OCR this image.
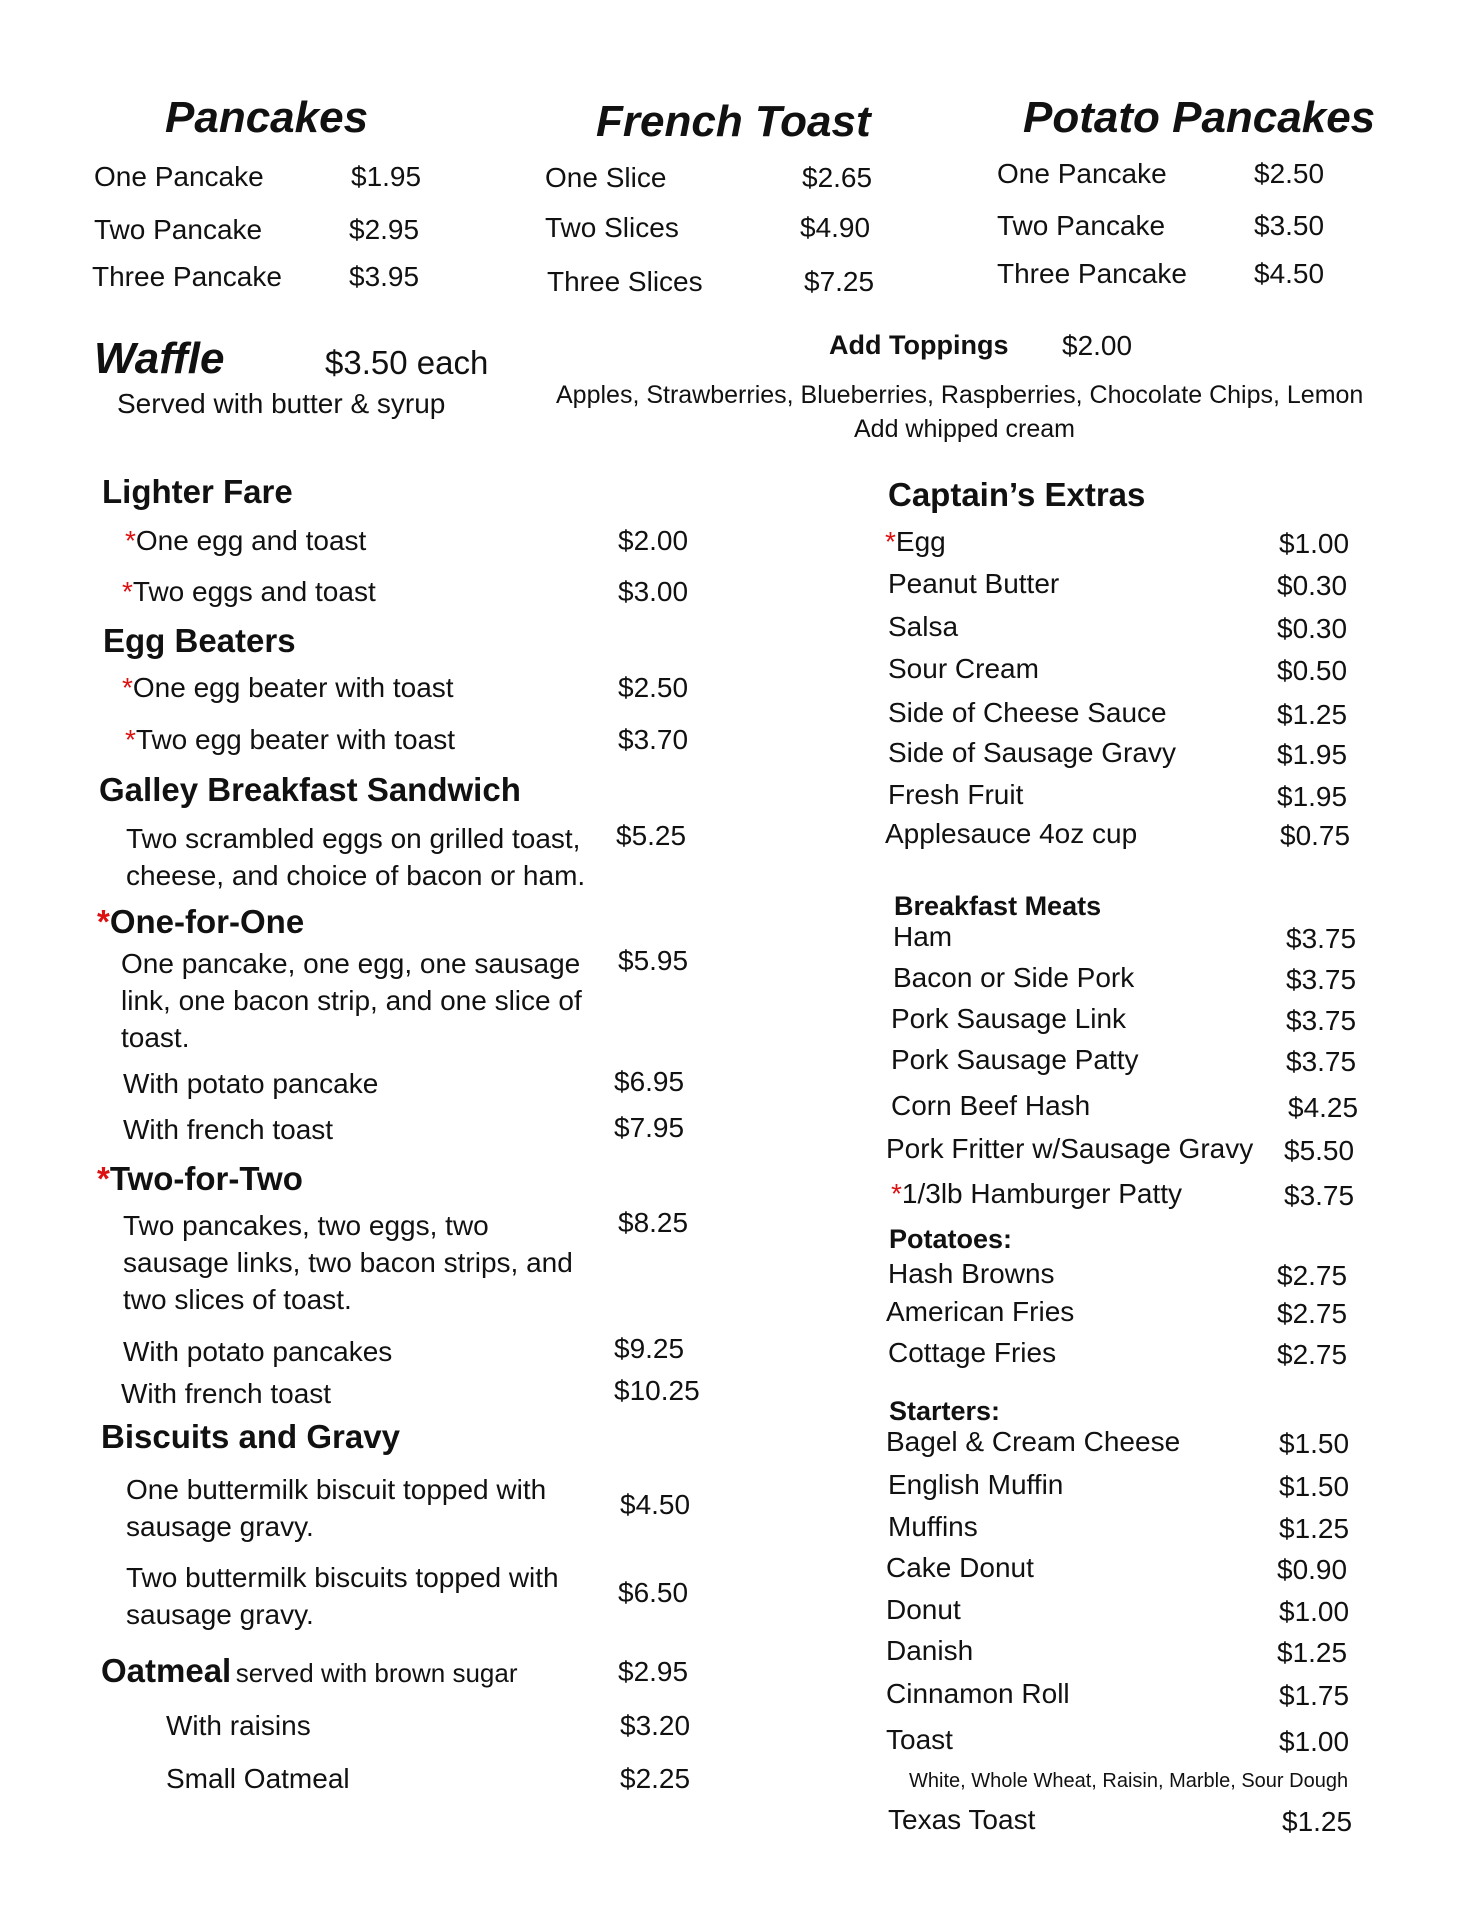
Pancakes
One Pancake	$1.95
Two Pancake	$2.95
Three Pancake $3.95
French Toast
One Slice	$2.65
Two Slices	$4.90
Three Slices	$7.25
Potato Pancakes
One Pancake	$2.50
Two Pancake	$3.50
Three Pancake $4.50
Waffle	$3.50 each
Served with butter & syrup
Add Toppings $2.00
Apples, Strawberries, Blueberries, Raspberries, Chocolate Chips, Lemon
Add whipped cream
Lighter Fare
*One egg and toast	$2.00
*Two eggs and toast	$3.00
Egg Beaters
*One egg beater with toast	$2.50
*Two egg beater with toast	$3.70
Galley Breakfast Sandwich
Two scrambled eggs on grilled toast, cheese, and choice of bacon or ham.
$5.25
*One-for-One
One pancake, one egg, one sausage link, one bacon strip, and one slice of toast.
$5.95
With potato pancake	$6.95
With french toast	$7.95
*Two-for-Two
Two pancakes, two eggs, two sausage links, two bacon strips, and two slices of toast.
$8.25
With potato pancakes	$9.25
With french toast	$10.25
Biscuits and Gravy
One buttermilk biscuit topped with sausage gravy.
$4.50
Two buttermilk biscuits topped with sausage gravy.
$6.50
Oatmeal served with brown sugar	$2.95
With raisins	$3.20
Small Oatmeal	$2.25
Captain’s Extras
*Egg	$1.00
Peanut Butter	$0.30
Salsa	$0.30
Sour Cream	$0.50
Side of Cheese Sauce	$1.25
Side of Sausage Gravy	$1.95
Fresh Fruit	$1.95
Applesauce 4oz cup	$0.75
Breakfast Meats
Ham	$3.75
Bacon or Side Pork	$3.75
Pork Sausage Link	$3.75
Pork Sausage Patty	$3.75
Corn Beef Hash	$4.25
Pork Fritter w/Sausage Gravy $5.50
*1/3lb Hamburger Patty	$3.75
Potatoes:
Hash Browns	$2.75
American Fries	$2.75
Cottage Fries	$2.75
Starters:
Bagel & Cream Cheese	$1.50
English Muffin	$1.50
Muffins	$1.25
Cake Donut	$0.90
Donut	$1.00
Danish	$1.25
Cinnamon Roll	$1.75
Toast	$1.00
White, Whole Wheat, Raisin, Marble, Sour Dough
Texas Toast	$1.25
